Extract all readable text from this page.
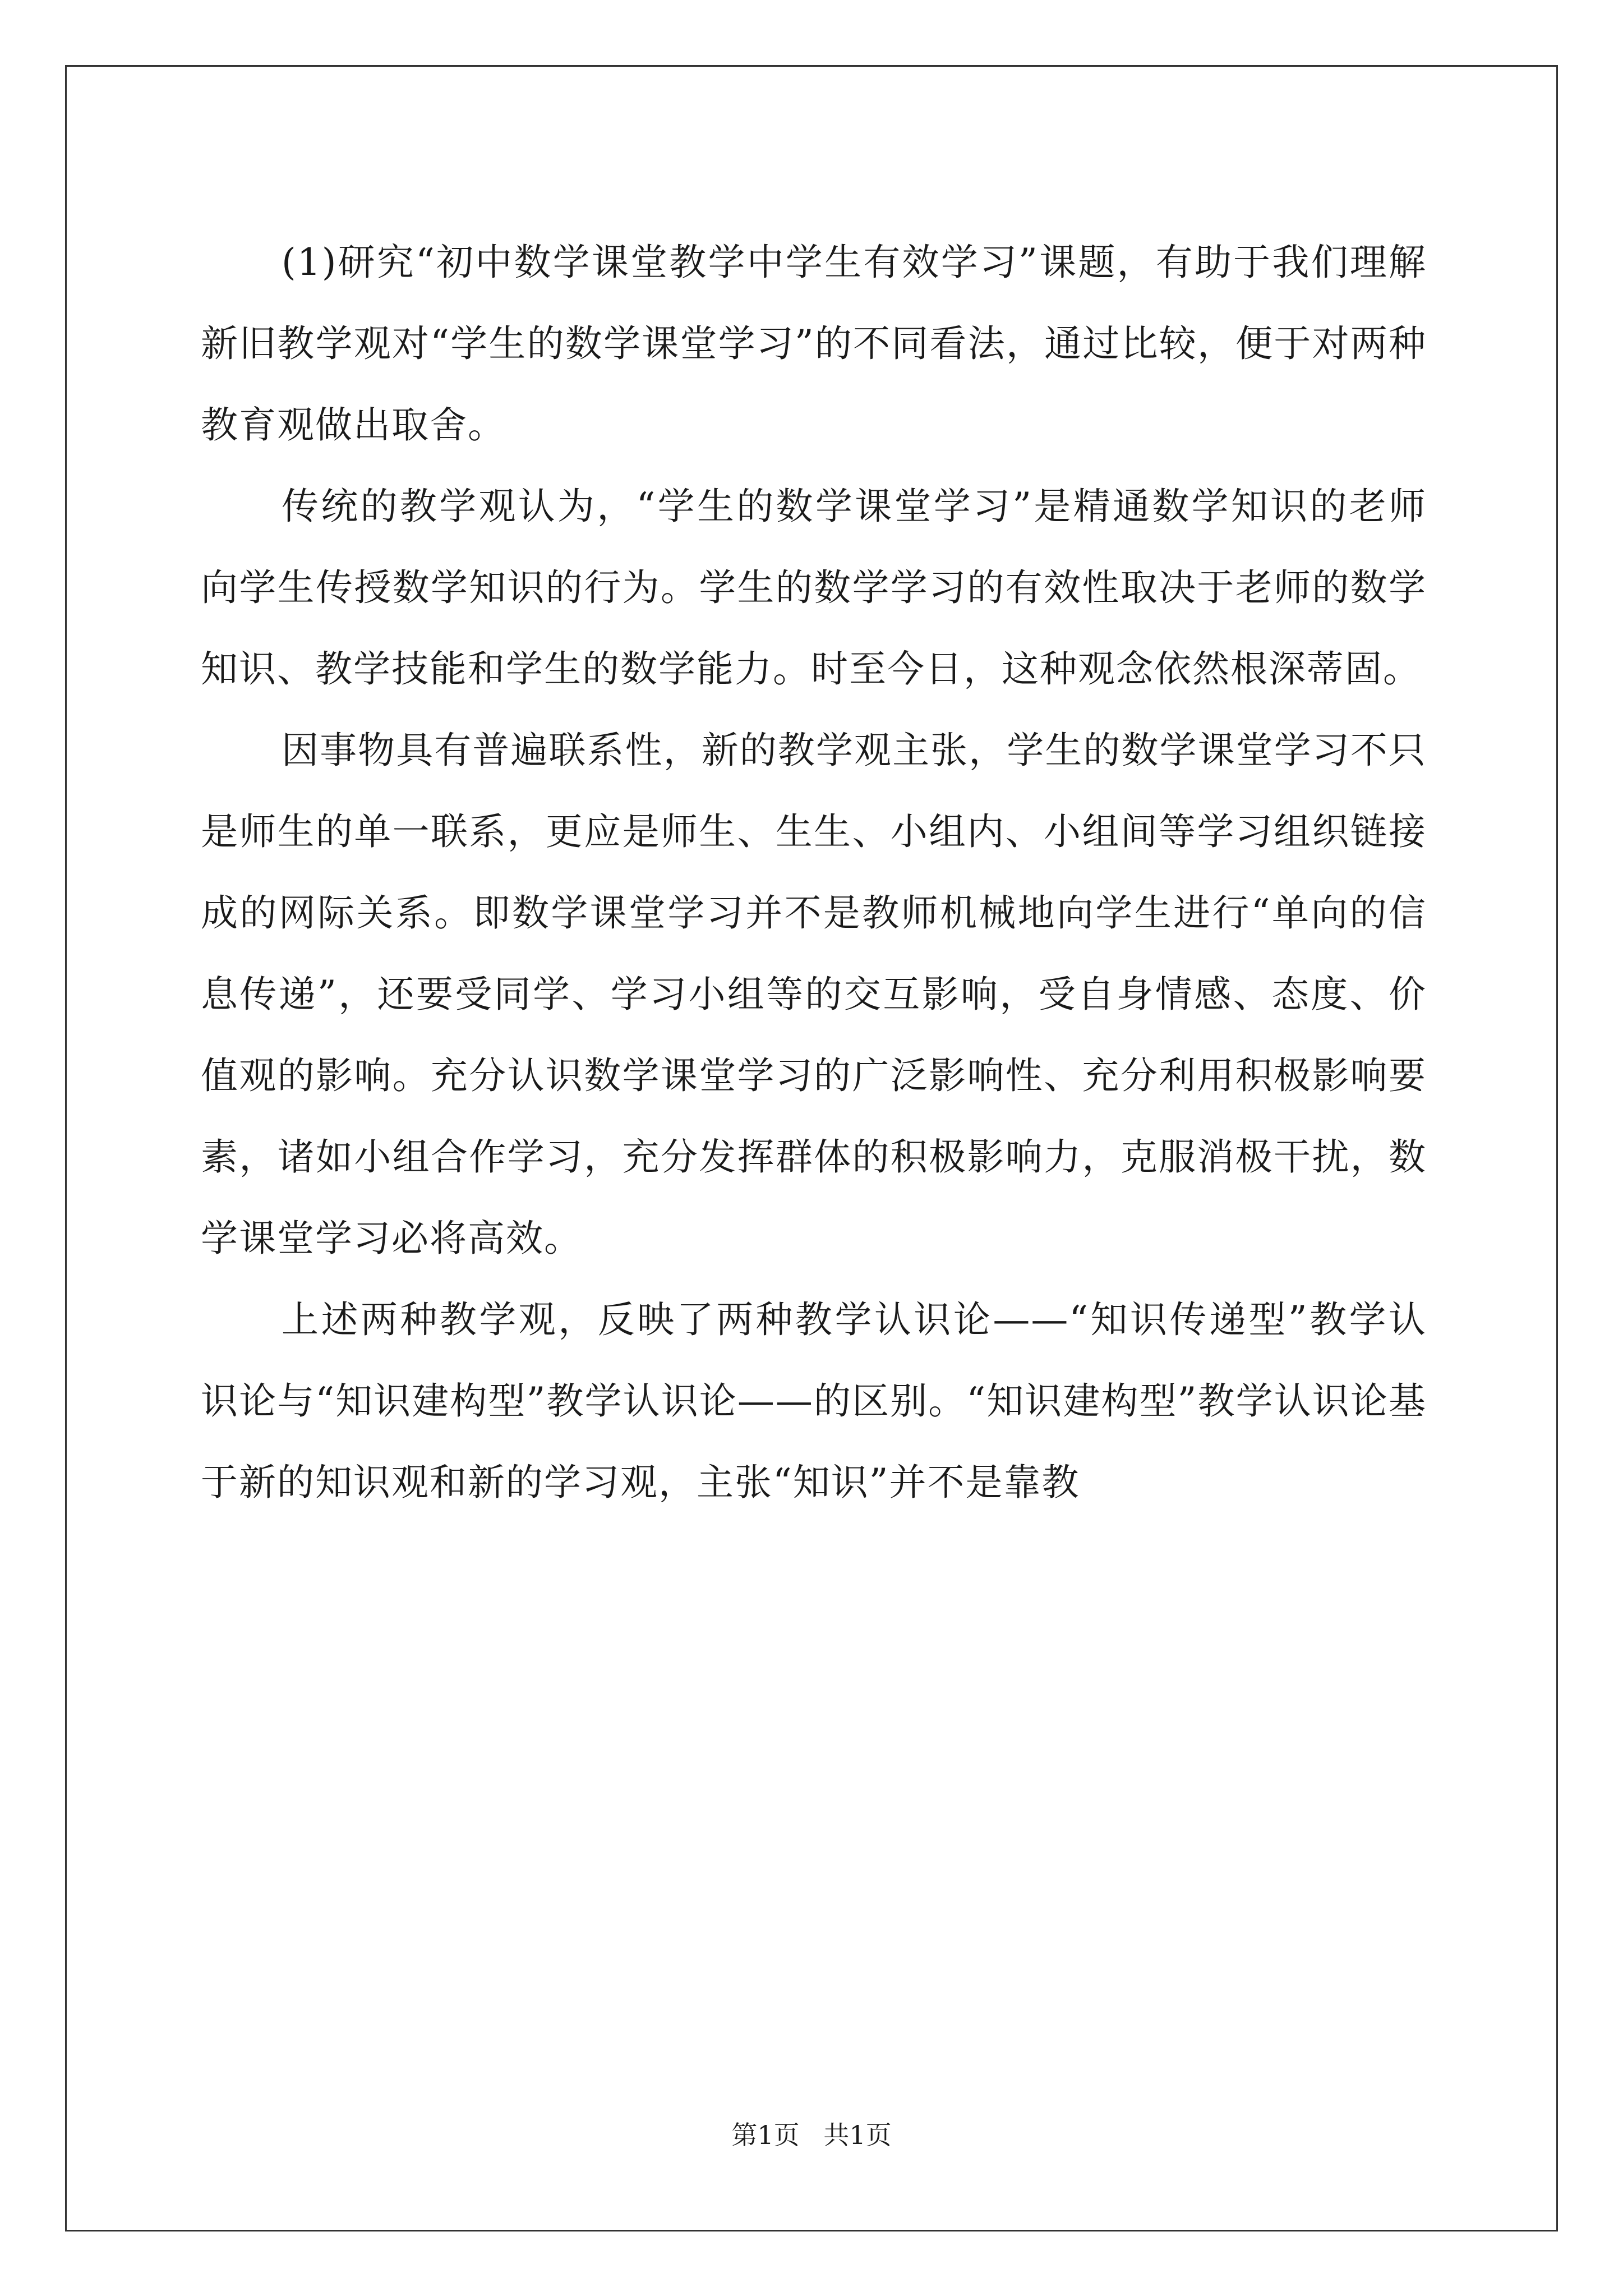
(1)研究“初中数学课堂教学中学生有效学习”课题，有助于我们理解新旧教学观对“学生的数学课堂学习”的不同看法，通过比较，便于对两种教育观做出取舍。

传统的教学观认为，“学生的数学课堂学习”是精通数学知识的老师向学生传授数学知识的行为。学生的数学学习的有效性取决于老师的数学知识、教学技能和学生的数学能力。时至今日，这种观念依然根深蒂固。

因事物具有普遍联系性，新的教学观主张，学生的数学课堂学习不只是师生的单一联系，更应是师生、生生、小组内、小组间等学习组织链接成的网际关系。即数学课堂学习并不是教师机械地向学生进行“单向的信息传递”，还要受同学、学习小组等的交互影响，受自身情感、态度、价值观的影响。充分认识数学课堂学习的广泛影响性、充分利用积极影响要素，诸如小组合作学习，充分发挥群体的积极影响力，克服消极干扰，数学课堂学习必将高效。

上述两种教学观，反映了两种教学认识论——“知识传递型”教学认识论与“知识建构型”教学认识论——的区别。“知识建构型”教学认识论基于新的知识观和新的学习观，主张“知识”并不是靠教

第1页 共1页
